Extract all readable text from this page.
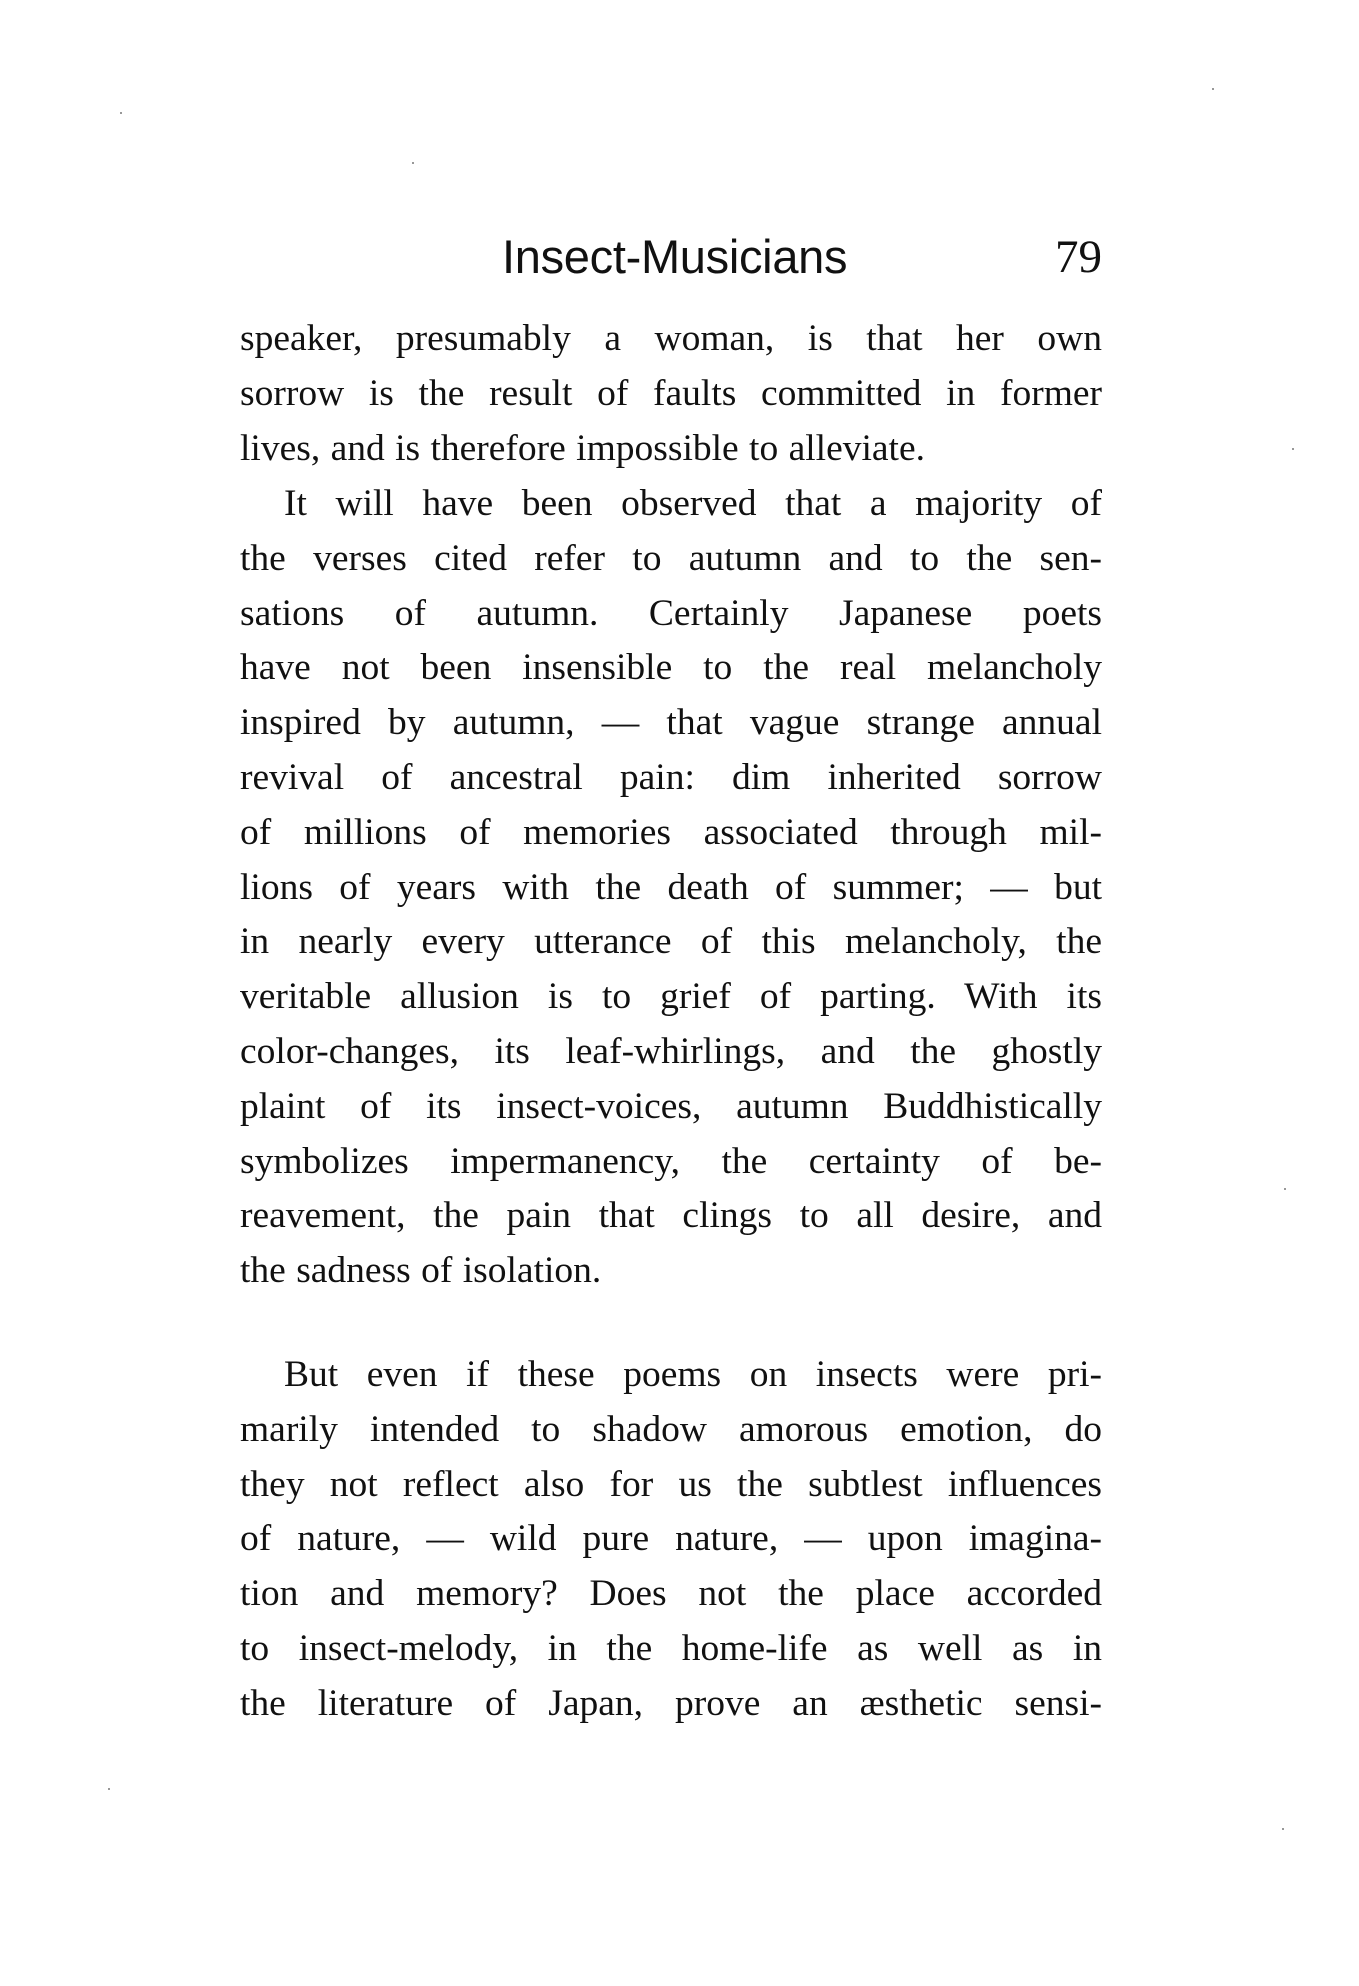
Insect-Musicians	79
speaker, presumably a woman, is that her own
sorrow is the result of faults committed in former
lives, and is therefore impossible to alleviate.
It will have been observed that a majority of
the verses cited refer to autumn and to the sen-
sations of autumn. Certainly Japanese poets
have not been insensible to the real melancholy
inspired by autumn, — that vague strange annual
revival of ancestral pain: dim inherited sorrow
of millions of memories associated through mil-
lions of years with the death of summer; — but
in nearly every utterance of this melancholy, the
veritable allusion is to grief of parting. With its
color-changes, its leaf-whirlings, and the ghostly
plaint of its insect-voices, autumn Buddhistically
symbolizes impermanency, the certainty of be-
reavement, the pain that clings to all desire, and
the sadness of isolation.
But even if these poems on insects were pri-
marily intended to shadow amorous emotion, do
they not reflect also for us the subtlest influences
of nature, — wild pure nature, — upon imagina-
tion and memory? Does not the place accorded
to insect-melody, in the home-life as well as in
the literature of Japan, prove an æsthetic sensi-
